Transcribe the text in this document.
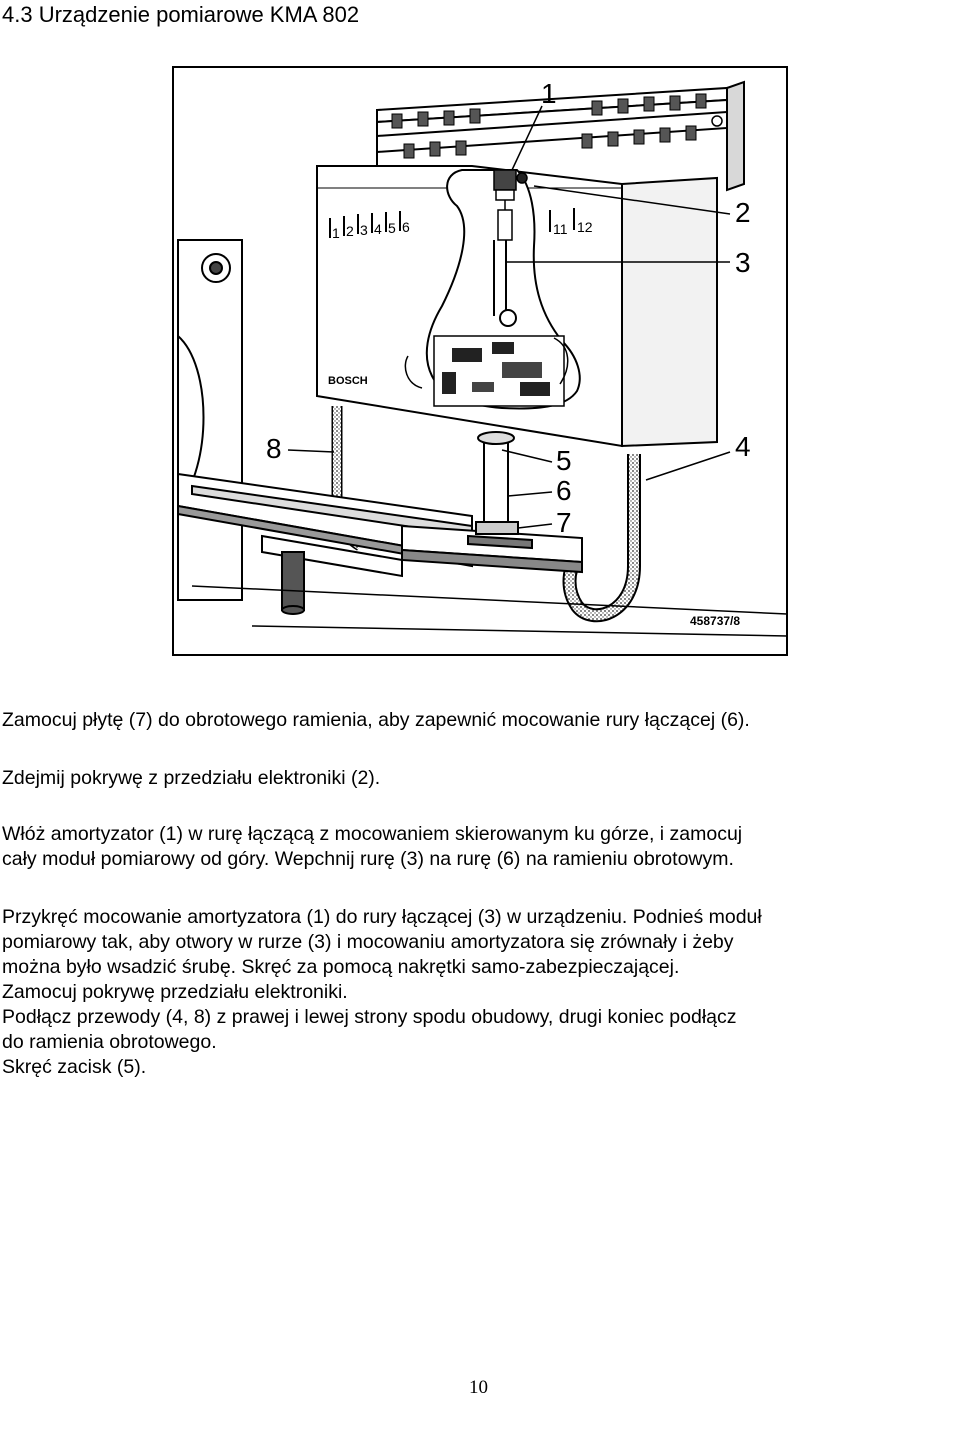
4.3 Urządzenie pomiarowe KMA 802
1 2 3 4 5 6	11 12
BOSCH
1
2
3
4
5
6
7
8
458737/8

Zamocuj płytę (7) do obrotowego ramienia, aby zapewnić mocowanie rury łączącej (6).

Zdejmij pokrywę z przedziału elektroniki (2).

Włóż amortyzator (1) w rurę łączącą z mocowaniem skierowanym ku górze, i zamocuj

cały moduł pomiarowy od góry. Wepchnij rurę (3) na rurę (6) na ramieniu obrotowym.

Przykręć mocowanie amortyzatora (1) do rury łączącej (3) w urządzeniu. Podnieś moduł

pomiarowy tak, aby otwory w rurze (3) i mocowaniu amortyzatora się zrównały i żeby

można było wsadzić śrubę. Skręć za pomocą nakrętki samo-zabezpieczającej.

Zamocuj pokrywę przedziału elektroniki.

Podłącz przewody (4, 8) z prawej i lewej strony spodu obudowy, drugi koniec podłącz

do ramienia obrotowego.

Skręć zacisk (5).

10
